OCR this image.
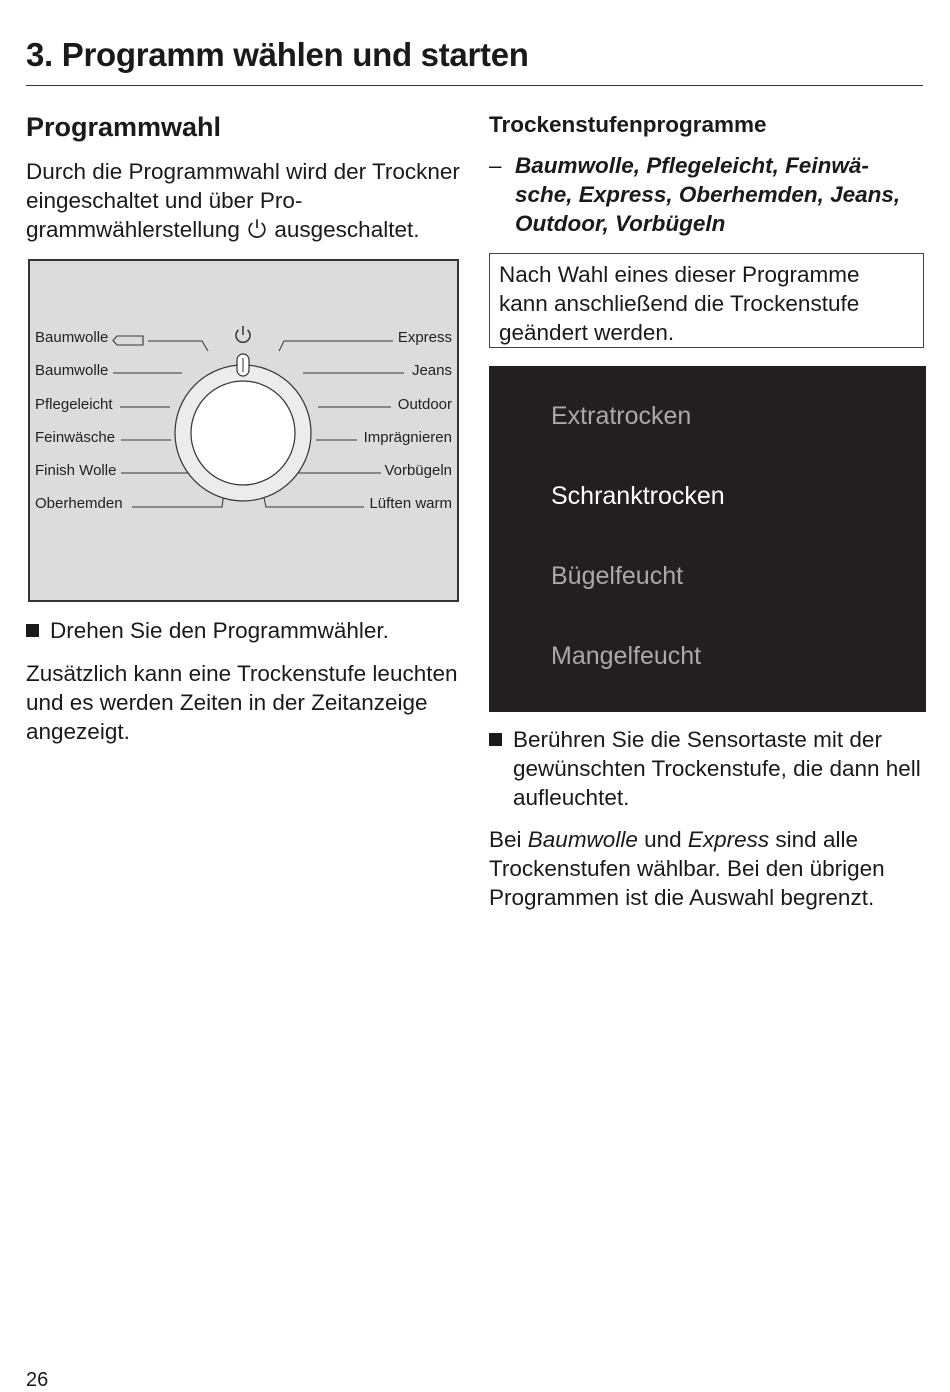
3. Programm wählen und starten
Programmwahl

Durch die Programmwahl wird der Trockner eingeschaltet und über Pro-grammwählerstellung ausgeschaltet.

Baumwolle
Baumwolle
Pflegeleicht
Feinwäsche
Finish Wolle
Oberhemden
Express
Jeans
Outdoor
Imprägnieren
Vorbügeln
Lüften warm
Drehen Sie den Programmwähler.

Zusätzlich kann eine Trockenstufe leuchten und es werden Zeiten in der Zeitanzeige angezeigt.

Trockenstufenprogramme
– Baumwolle, Pflegeleicht, Feinwä-sche, Express, Oberhemden, Jeans, Outdoor, Vorbügeln
Nach Wahl eines dieser Programme kann anschließend die Trockenstufe geändert werden.
Extratrocken
Schranktrocken
Bügelfeucht
Mangelfeucht
Berühren Sie die Sensortaste mit der gewünschten Trockenstufe, die dann hell aufleuchtet.

Bei Baumwolle und Express sind alle Trockenstufen wählbar. Bei den übrigen Programmen ist die Auswahl begrenzt.

26
